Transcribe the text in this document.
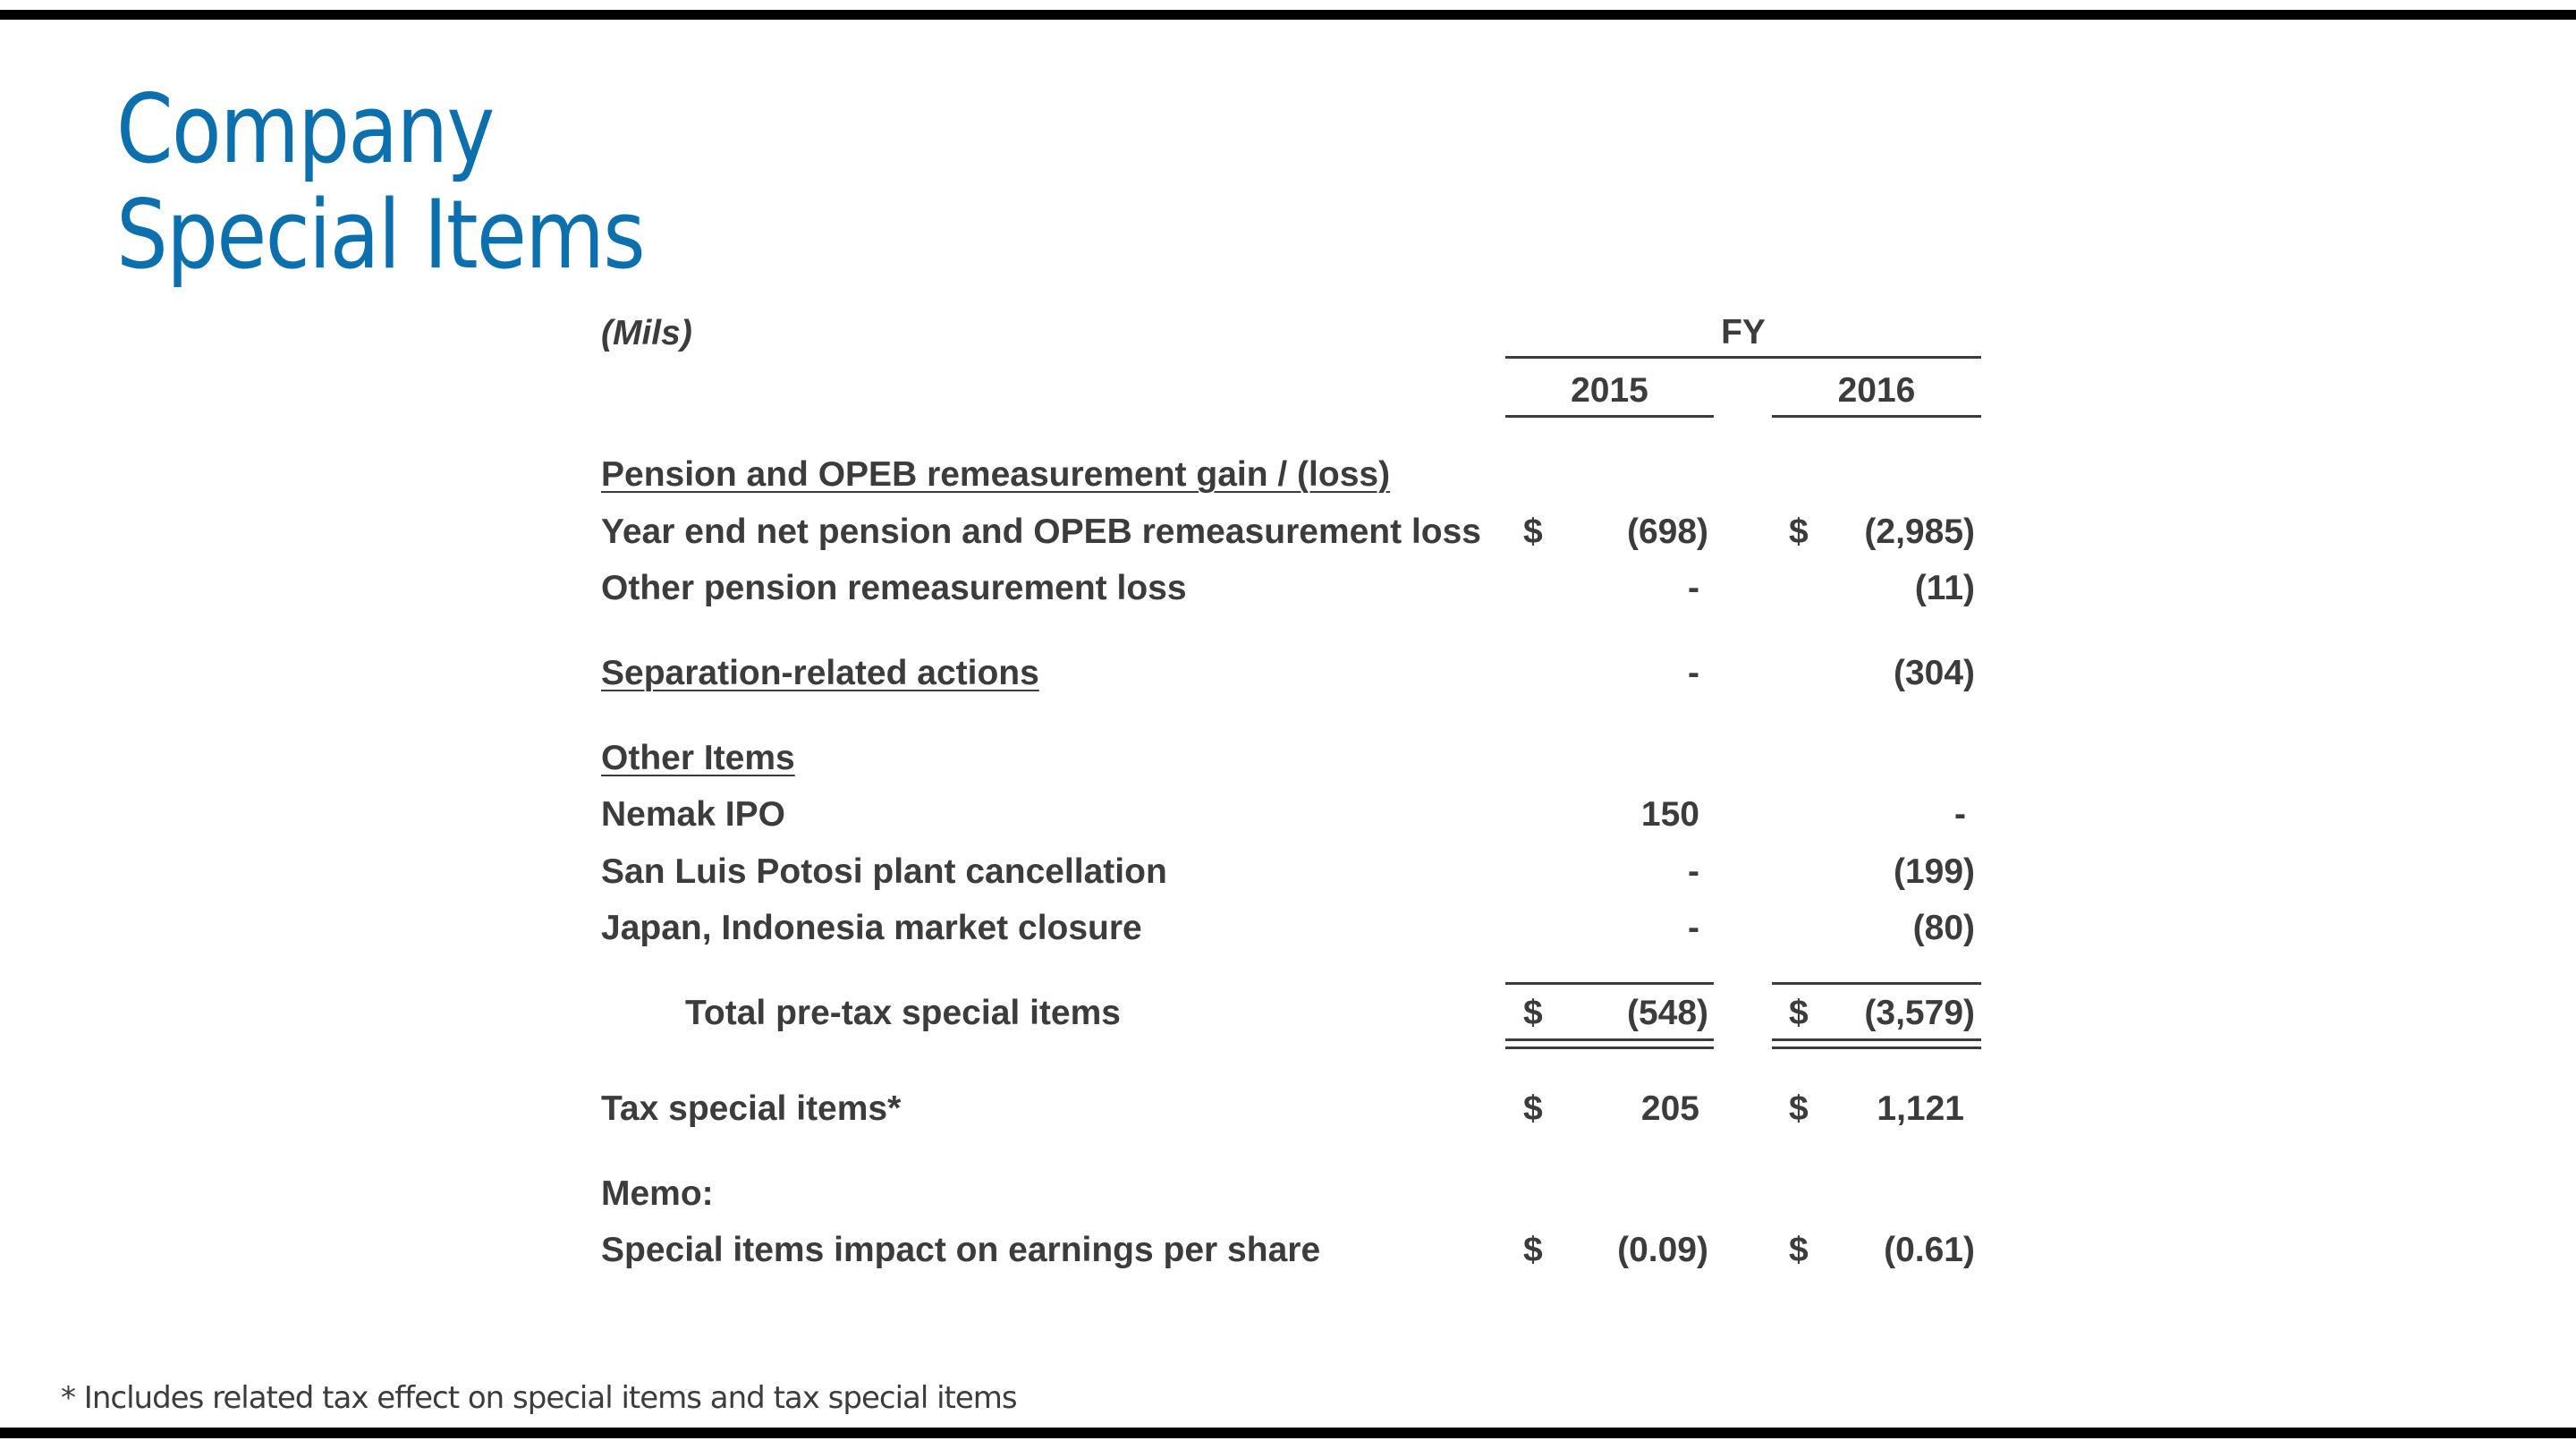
Company
Special Items
(Mils)	FY
2015	2016
Pension and OPEB remeasurement gain / (loss)
Year end net pension and OPEB remeasurement loss $	(698) $	(2,985)
Other pension remeasurement loss	-	(11)
Separation-related actions	-	(304)
Other Items
Nemak IPO	150	-
San Luis Potosi plant cancellation	-	(199)
Japan, Indonesia market closure	-	(80)
Total pre-tax special items	$	(548) $	(3,579)
Tax special items*	$	205	$	1,121
Memo:
Special items impact on earnings per share	$	(0.09) $	(0.61)
* Includes related tax effect on special items and tax special items
